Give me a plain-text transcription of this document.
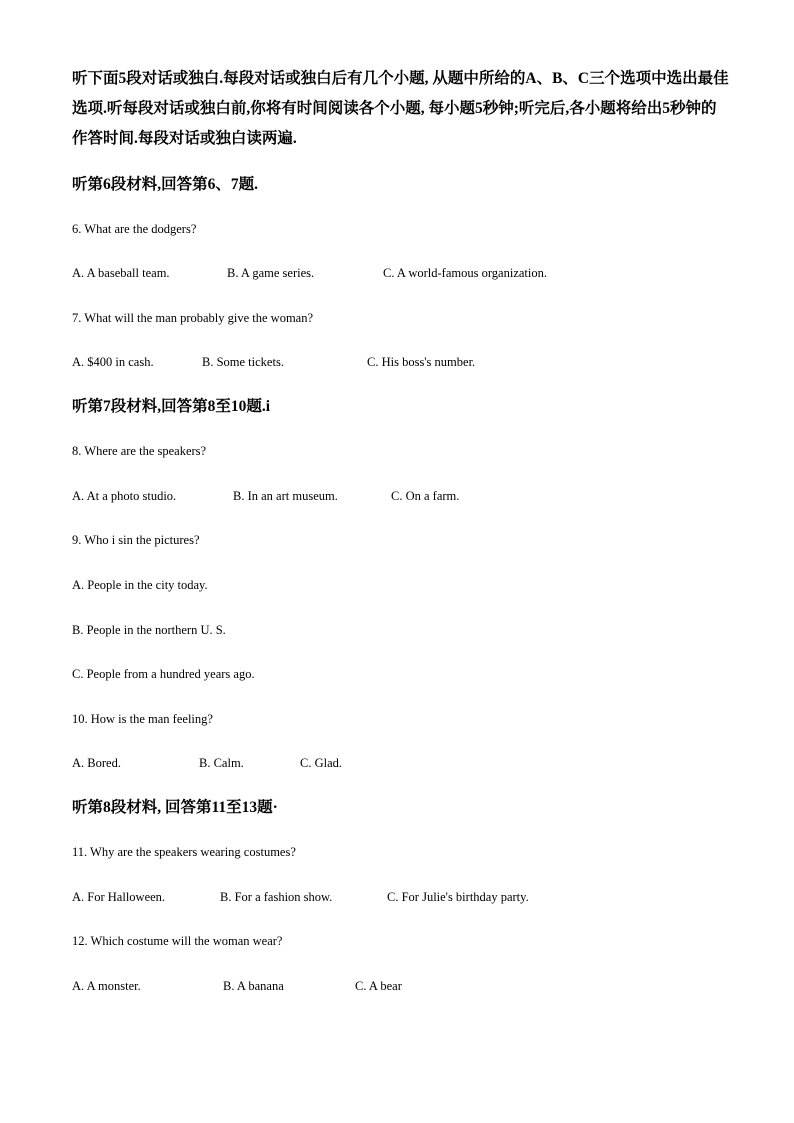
听下面5段对话或独白.每段对话或独白后有几个小题, 从题中所给的A、B、C三个选项中选出最佳选项.听每段对话或独白前,你将有时间阅读各个小题, 每小题5秒钟;听完后,各小题将给出5秒钟的作答时间.每段对话或独白读两遍.

听第6段材料,回答第6、7题.

6. What are the dodgers?

A. A baseball team.	B. A game series.	C. A world-famous organization.

7. What will the man probably give the woman?

A. $400 in cash.	B. Some tickets.	C. His boss's number.

听第7段材料,回答第8至10题.i

8. Where are the speakers?

A. At a photo studio.	B. In an art museum.	C. On a farm.

9. Who i sin the pictures?

A. People in the city today.

B. People in the northern U. S.

C. People from a hundred years ago.

10. How is the man feeling?

A. Bored.	B. Calm.	C. Glad.

听第8段材料, 回答第11至13题·

11. Why are the speakers wearing costumes?

A. For Halloween.	B. For a fashion show.	C. For Julie's birthday party.

12. Which costume will the woman wear?

A. A monster.	B. A banana	C. A bear
